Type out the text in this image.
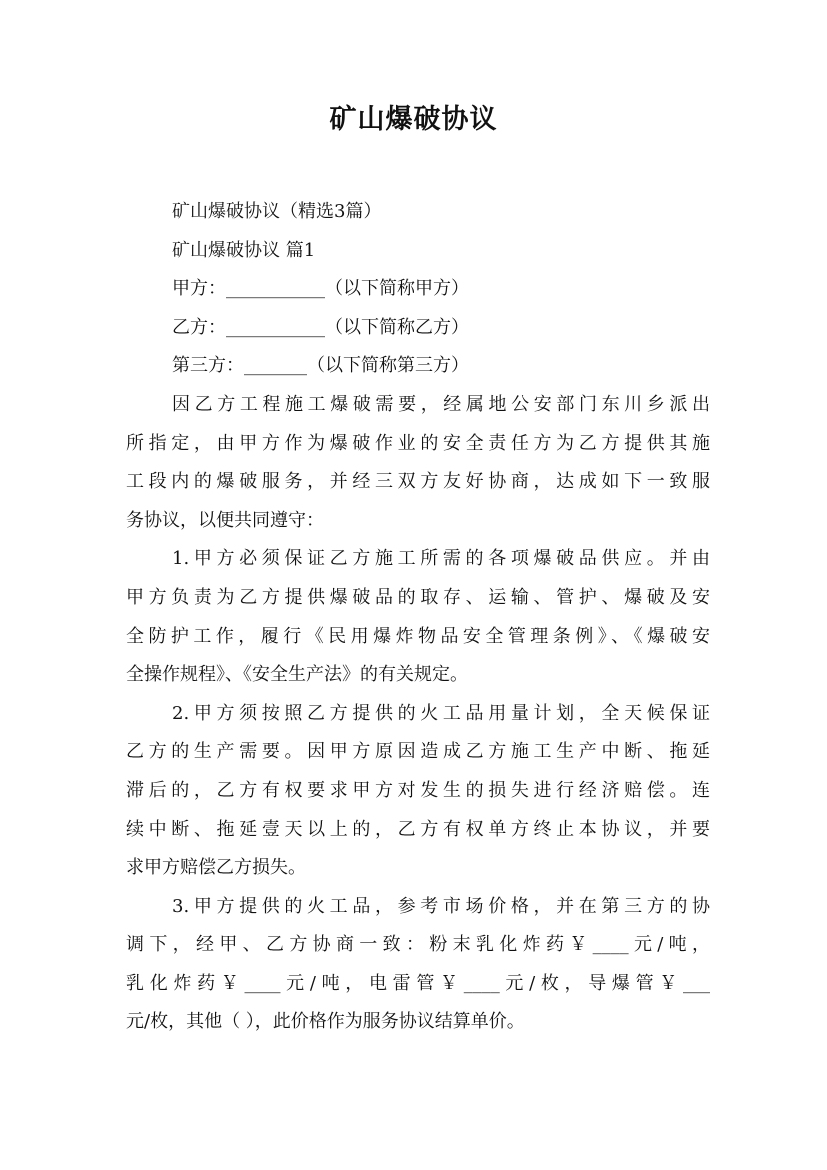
矿山爆破协议
矿山爆破协议（精选3篇）
矿山爆破协议 篇1
甲方：___________（以下简称甲方）
乙方：___________（以下简称乙方）
第三方：_______（以下简称第三方）
因乙方工程施工爆破需要，经属地公安部门东川乡派出
所指定，由甲方作为爆破作业的安全责任方为乙方提供其施
工段内的爆破服务，并经三双方友好协商，达成如下一致服
务协议，以便共同遵守：
1.甲方必须保证乙方施工所需的各项爆破品供应。并由
甲方负责为乙方提供爆破品的取存、运输、管护、爆破及安
全防护工作，履行《民用爆炸物品安全管理条例》、《爆破安
全操作规程》、《安全生产法》的有关规定。
2.甲方须按照乙方提供的火工品用量计划，全天候保证
乙方的生产需要。因甲方原因造成乙方施工生产中断、拖延
滞后的，乙方有权要求甲方对发生的损失进行经济赔偿。连
续中断、拖延壹天以上的，乙方有权单方终止本协议，并要
求甲方赔偿乙方损失。
3.甲方提供的火工品，参考市场价格，并在第三方的协
调下，经甲、乙方协商一致：粉末乳化炸药￥____元/吨，
乳化炸药￥____元/吨，电雷管￥____元/枚，导爆管￥___
元/枚，其他（ ），此价格作为服务协议结算单价。
